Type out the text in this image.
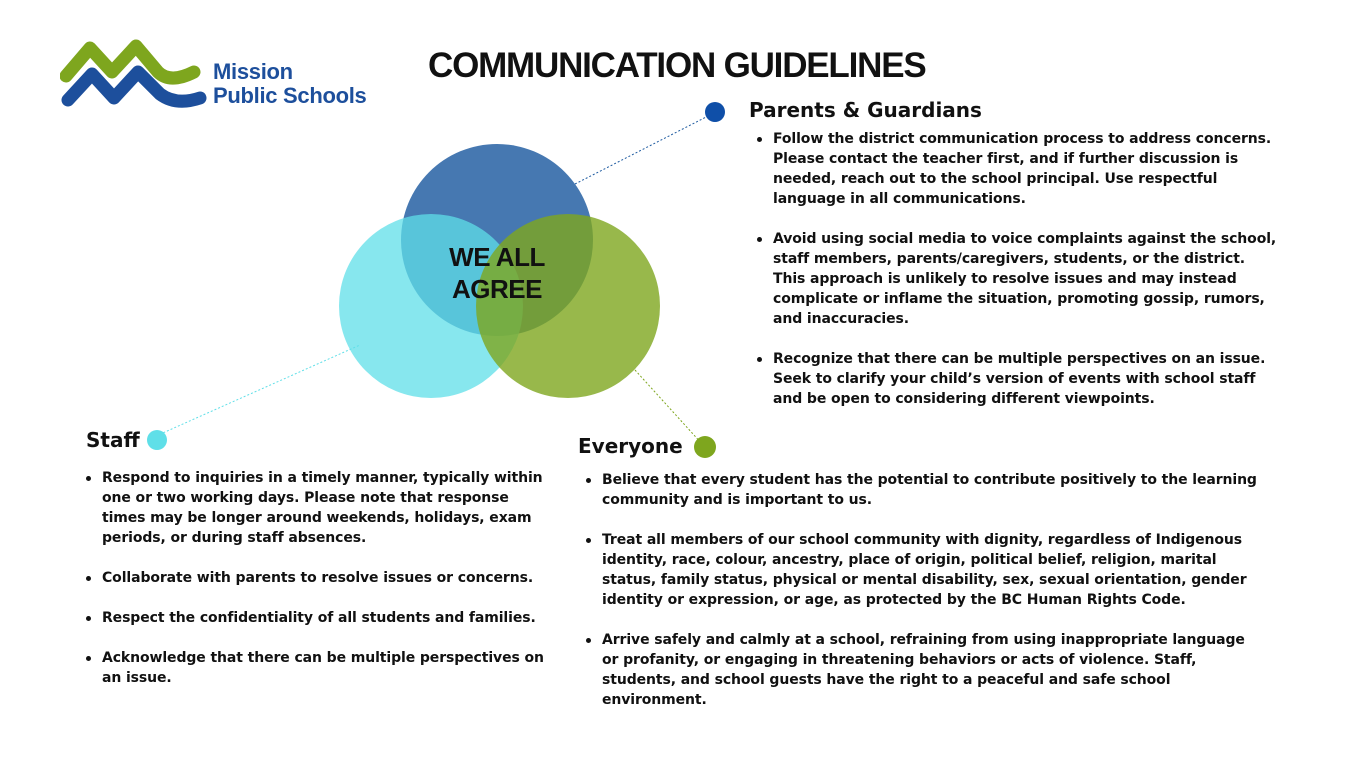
Mission
Public Schools
COMMUNICATION GUIDELINES
WE ALL
AGREE
Parents & Guardians
Follow the district communication process to address concerns. Please contact the teacher first, and if further discussion is needed, reach out to the school principal. Use respectful language in all communications.
Avoid using social media to voice complaints against the school, staff members, parents/caregivers, students, or the district. This approach is unlikely to resolve issues and may instead complicate or inflame the situation, promoting gossip, rumors, and inaccuracies.
Recognize that there can be multiple perspectives on an issue. Seek to clarify your child’s version of events with school staff and be open to considering different viewpoints.
Staff
Respond to inquiries in a timely manner, typically within one or two working days. Please note that response times may be longer around weekends, holidays, exam periods, or during staff absences.
Collaborate with parents to resolve issues or concerns.
Respect the confidentiality of all students and families.
Acknowledge that there can be multiple perspectives on an issue.
Everyone
Believe that every student has the potential to contribute positively to the learning community and is important to us.
Treat all members of our school community with dignity, regardless of Indigenous identity, race, colour, ancestry, place of origin, political belief, religion, marital status, family status, physical or mental disability, sex, sexual orientation, gender identity or expression, or age, as protected by the BC Human Rights Code.
Arrive safely and calmly at a school, refraining from using inappropriate language or profanity, or engaging in threatening behaviors or acts of violence. Staff, students, and school guests have the right to a peaceful and safe school environment.
